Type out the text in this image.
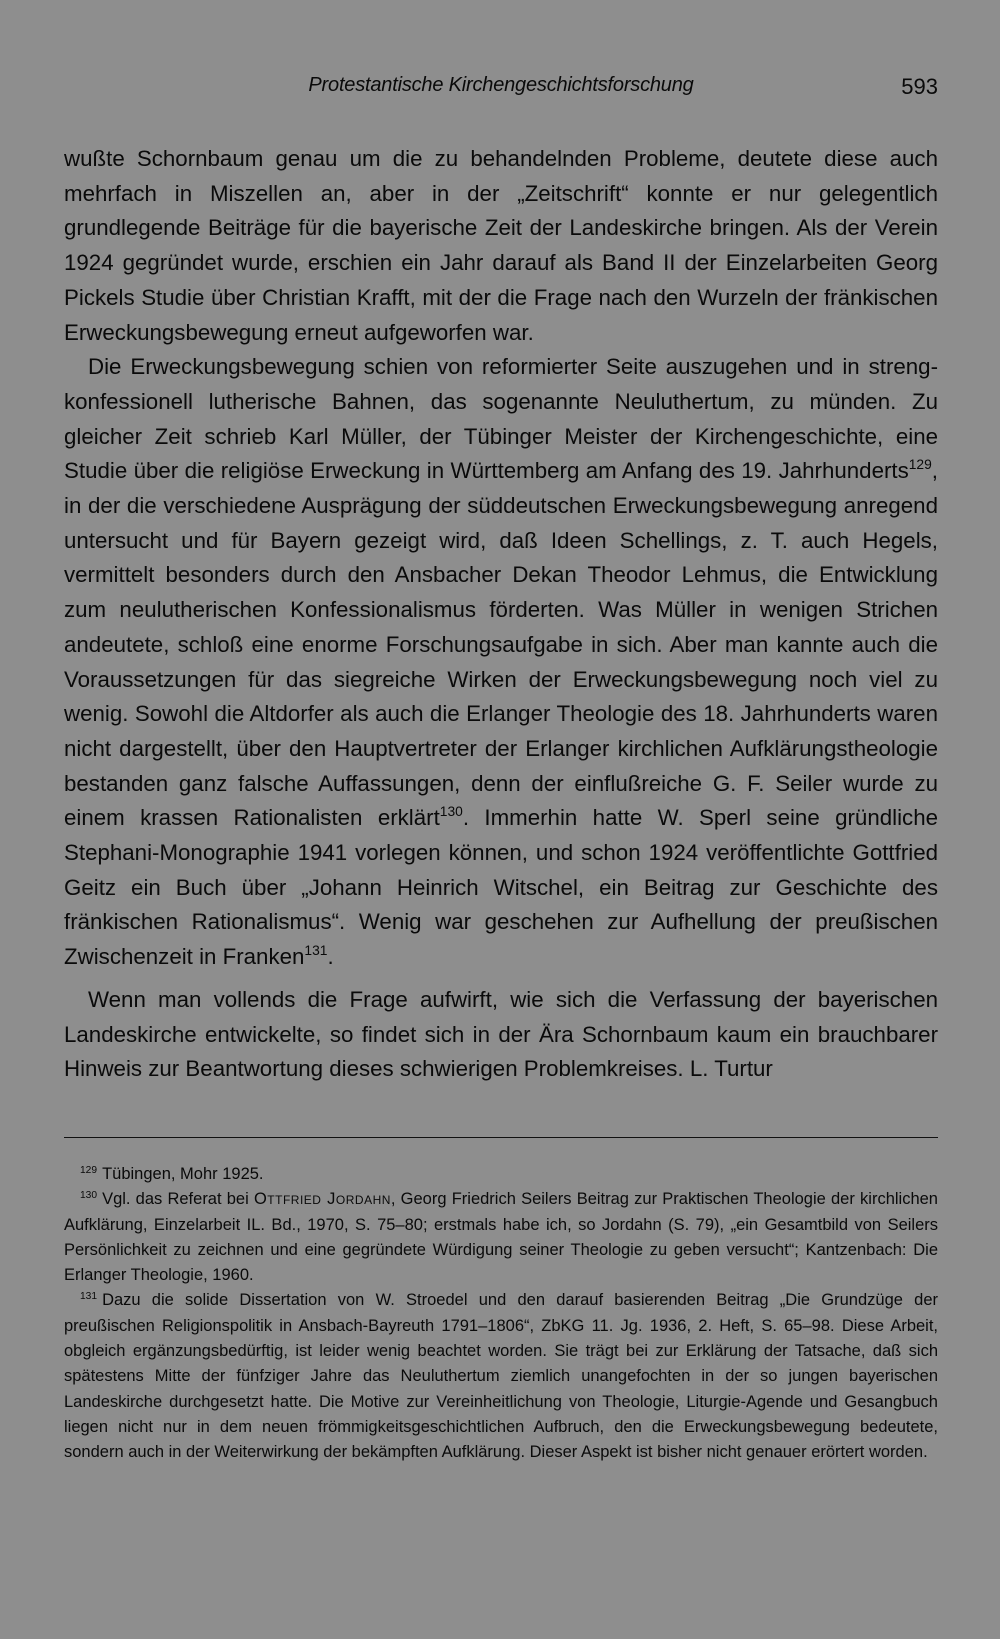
Protestantische Kirchengeschichtsforschung	593

wußte Schornbaum genau um die zu behandelnden Probleme, deutete diese auch mehrfach in Miszellen an, aber in der „Zeitschrift“ konnte er nur gelegentlich grundlegende Beiträge für die bayerische Zeit der Landeskirche bringen. Als der Verein 1924 gegründet wurde, erschien ein Jahr darauf als Band II der Einzelarbeiten Georg Pickels Studie über Christian Krafft, mit der die Frage nach den Wurzeln der fränkischen Erweckungsbewegung erneut aufgeworfen war.

Die Erweckungsbewegung schien von reformierter Seite auszugehen und in streng-konfessionell lutherische Bahnen, das sogenannte Neuluthertum, zu münden. Zu gleicher Zeit schrieb Karl Müller, der Tübinger Meister der Kirchengeschichte, eine Studie über die religiöse Erweckung in Württemberg am Anfang des 19. Jahrhunderts$^{129}$, in der die verschiedene Ausprägung der süddeutschen Erweckungsbewegung anregend untersucht und für Bayern gezeigt wird, daß Ideen Schellings, z. T. auch Hegels, vermittelt besonders durch den Ansbacher Dekan Theodor Lehmus, die Entwicklung zum neulutherischen Konfessionalismus förderten. Was Müller in wenigen Strichen andeutete, schloß eine enorme Forschungsaufgabe in sich. Aber man kannte auch die Voraussetzungen für das siegreiche Wirken der Erweckungsbewegung noch viel zu wenig. Sowohl die Altdorfer als auch die Erlanger Theologie des 18. Jahrhunderts waren nicht dargestellt, über den Hauptvertreter der Erlanger kirchlichen Aufklärungstheologie bestanden ganz falsche Auffassungen, denn der einflußreiche G. F. Seiler wurde zu einem krassen Rationalisten erklärt$^{130}$. Immerhin hatte W. Sperl seine gründliche Stephani-Monographie 1941 vorlegen können, und schon 1924 veröffentlichte Gottfried Geitz ein Buch über „Johann Heinrich Witschel, ein Beitrag zur Geschichte des fränkischen Rationalismus“. Wenig war geschehen zur Aufhellung der preußischen Zwischenzeit in Franken$^{131}$.

Wenn man vollends die Frage aufwirft, wie sich die Verfassung der bayerischen Landeskirche entwickelte, so findet sich in der Ära Schornbaum kaum ein brauchbarer Hinweis zur Beantwortung dieses schwierigen Problemkreises. L. Turtur

$^{129}$ Tübingen, Mohr 1925.

$^{130}$ Vgl. das Referat bei Ottfried Jordahn, Georg Friedrich Seilers Beitrag zur Praktischen Theologie der kirchlichen Aufklärung, Einzelarbeit IL. Bd., 1970, S. 75–80; erstmals habe ich, so Jordahn (S. 79), „ein Gesamtbild von Seilers Persönlichkeit zu zeichnen und eine gegründete Würdigung seiner Theologie zu geben versucht“; Kantzenbach: Die Erlanger Theologie, 1960.

$^{131}$ Dazu die solide Dissertation von W. Stroedel und den darauf basierenden Beitrag „Die Grundzüge der preußischen Religionspolitik in Ansbach-Bayreuth 1791–1806“, ZbKG 11. Jg. 1936, 2. Heft, S. 65–98. Diese Arbeit, obgleich ergänzungsbedürftig, ist leider wenig beachtet worden. Sie trägt bei zur Erklärung der Tatsache, daß sich spätestens Mitte der fünfziger Jahre das Neuluthertum ziemlich unangefochten in der so jungen bayerischen Landeskirche durchgesetzt hatte. Die Motive zur Vereinheitlichung von Theologie, Liturgie-Agende und Gesangbuch liegen nicht nur in dem neuen frömmigkeitsgeschichtlichen Aufbruch, den die Erweckungsbewegung bedeutete, sondern auch in der Weiterwirkung der bekämpften Aufklärung. Dieser Aspekt ist bisher nicht genauer erörtert worden.
